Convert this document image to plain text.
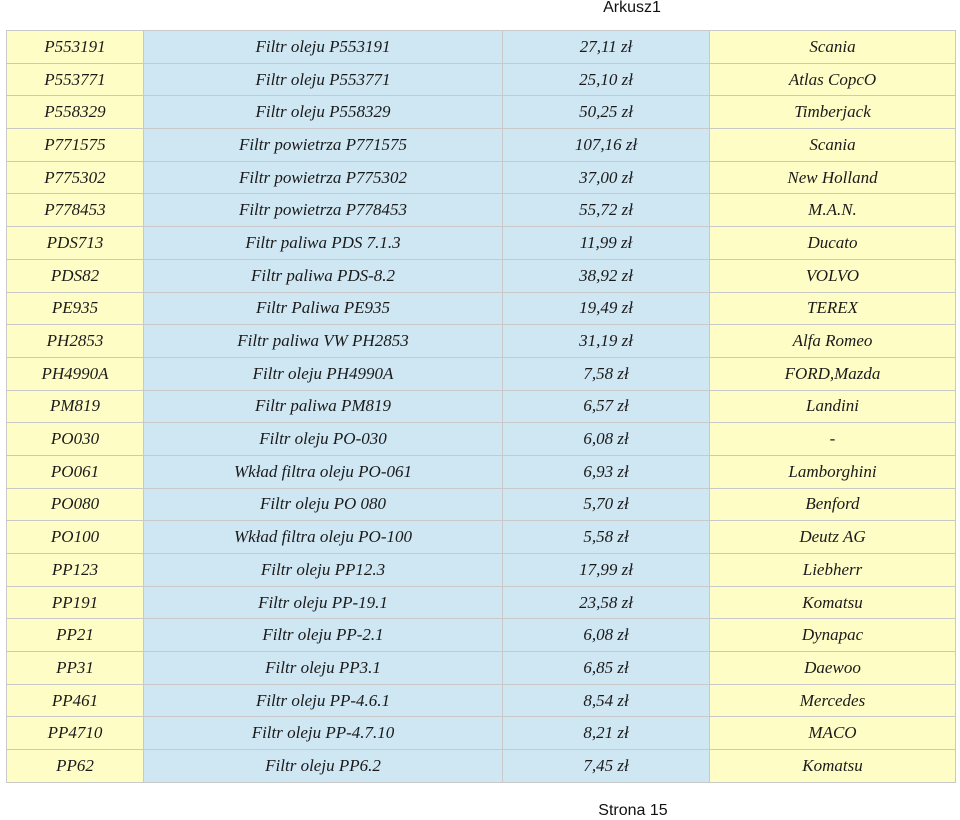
Arkusz1
P553191	Filtr oleju P553191	27,11 zł	Scania
P553771	Filtr oleju P553771	25,10 zł	Atlas CopcO
P558329	Filtr oleju P558329	50,25 zł	Timberjack
P771575	Filtr powietrza P771575	107,16 zł	Scania
P775302	Filtr powietrza P775302	37,00 zł	New Holland
P778453	Filtr powietrza P778453	55,72 zł	M.A.N.
PDS713	Filtr paliwa PDS 7.1.3	11,99 zł	Ducato
PDS82	Filtr paliwa PDS-8.2	38,92 zł	VOLVO
PE935	Filtr Paliwa PE935	19,49 zł	TEREX
PH2853	Filtr paliwa VW PH2853	31,19 zł	Alfa Romeo
PH4990A	Filtr oleju PH4990A	7,58 zł	FORD,Mazda
PM819	Filtr paliwa PM819	6,57 zł	Landini
PO030	Filtr oleju PO-030	6,08 zł	-
PO061	Wkład filtra oleju PO-061	6,93 zł	Lamborghini
PO080	Filtr oleju PO 080	5,70 zł	Benford
PO100	Wkład filtra oleju PO-100	5,58 zł	Deutz AG
PP123	Filtr oleju PP12.3	17,99 zł	Liebherr
PP191	Filtr oleju PP-19.1	23,58 zł	Komatsu
PP21	Filtr oleju PP-2.1	6,08 zł	Dynapac
PP31	Filtr oleju PP3.1	6,85 zł	Daewoo
PP461	Filtr oleju PP-4.6.1	8,54 zł	Mercedes
PP4710	Filtr oleju PP-4.7.10	8,21 zł	MACO
PP62	Filtr oleju PP6.2	7,45 zł	Komatsu
Strona 15
